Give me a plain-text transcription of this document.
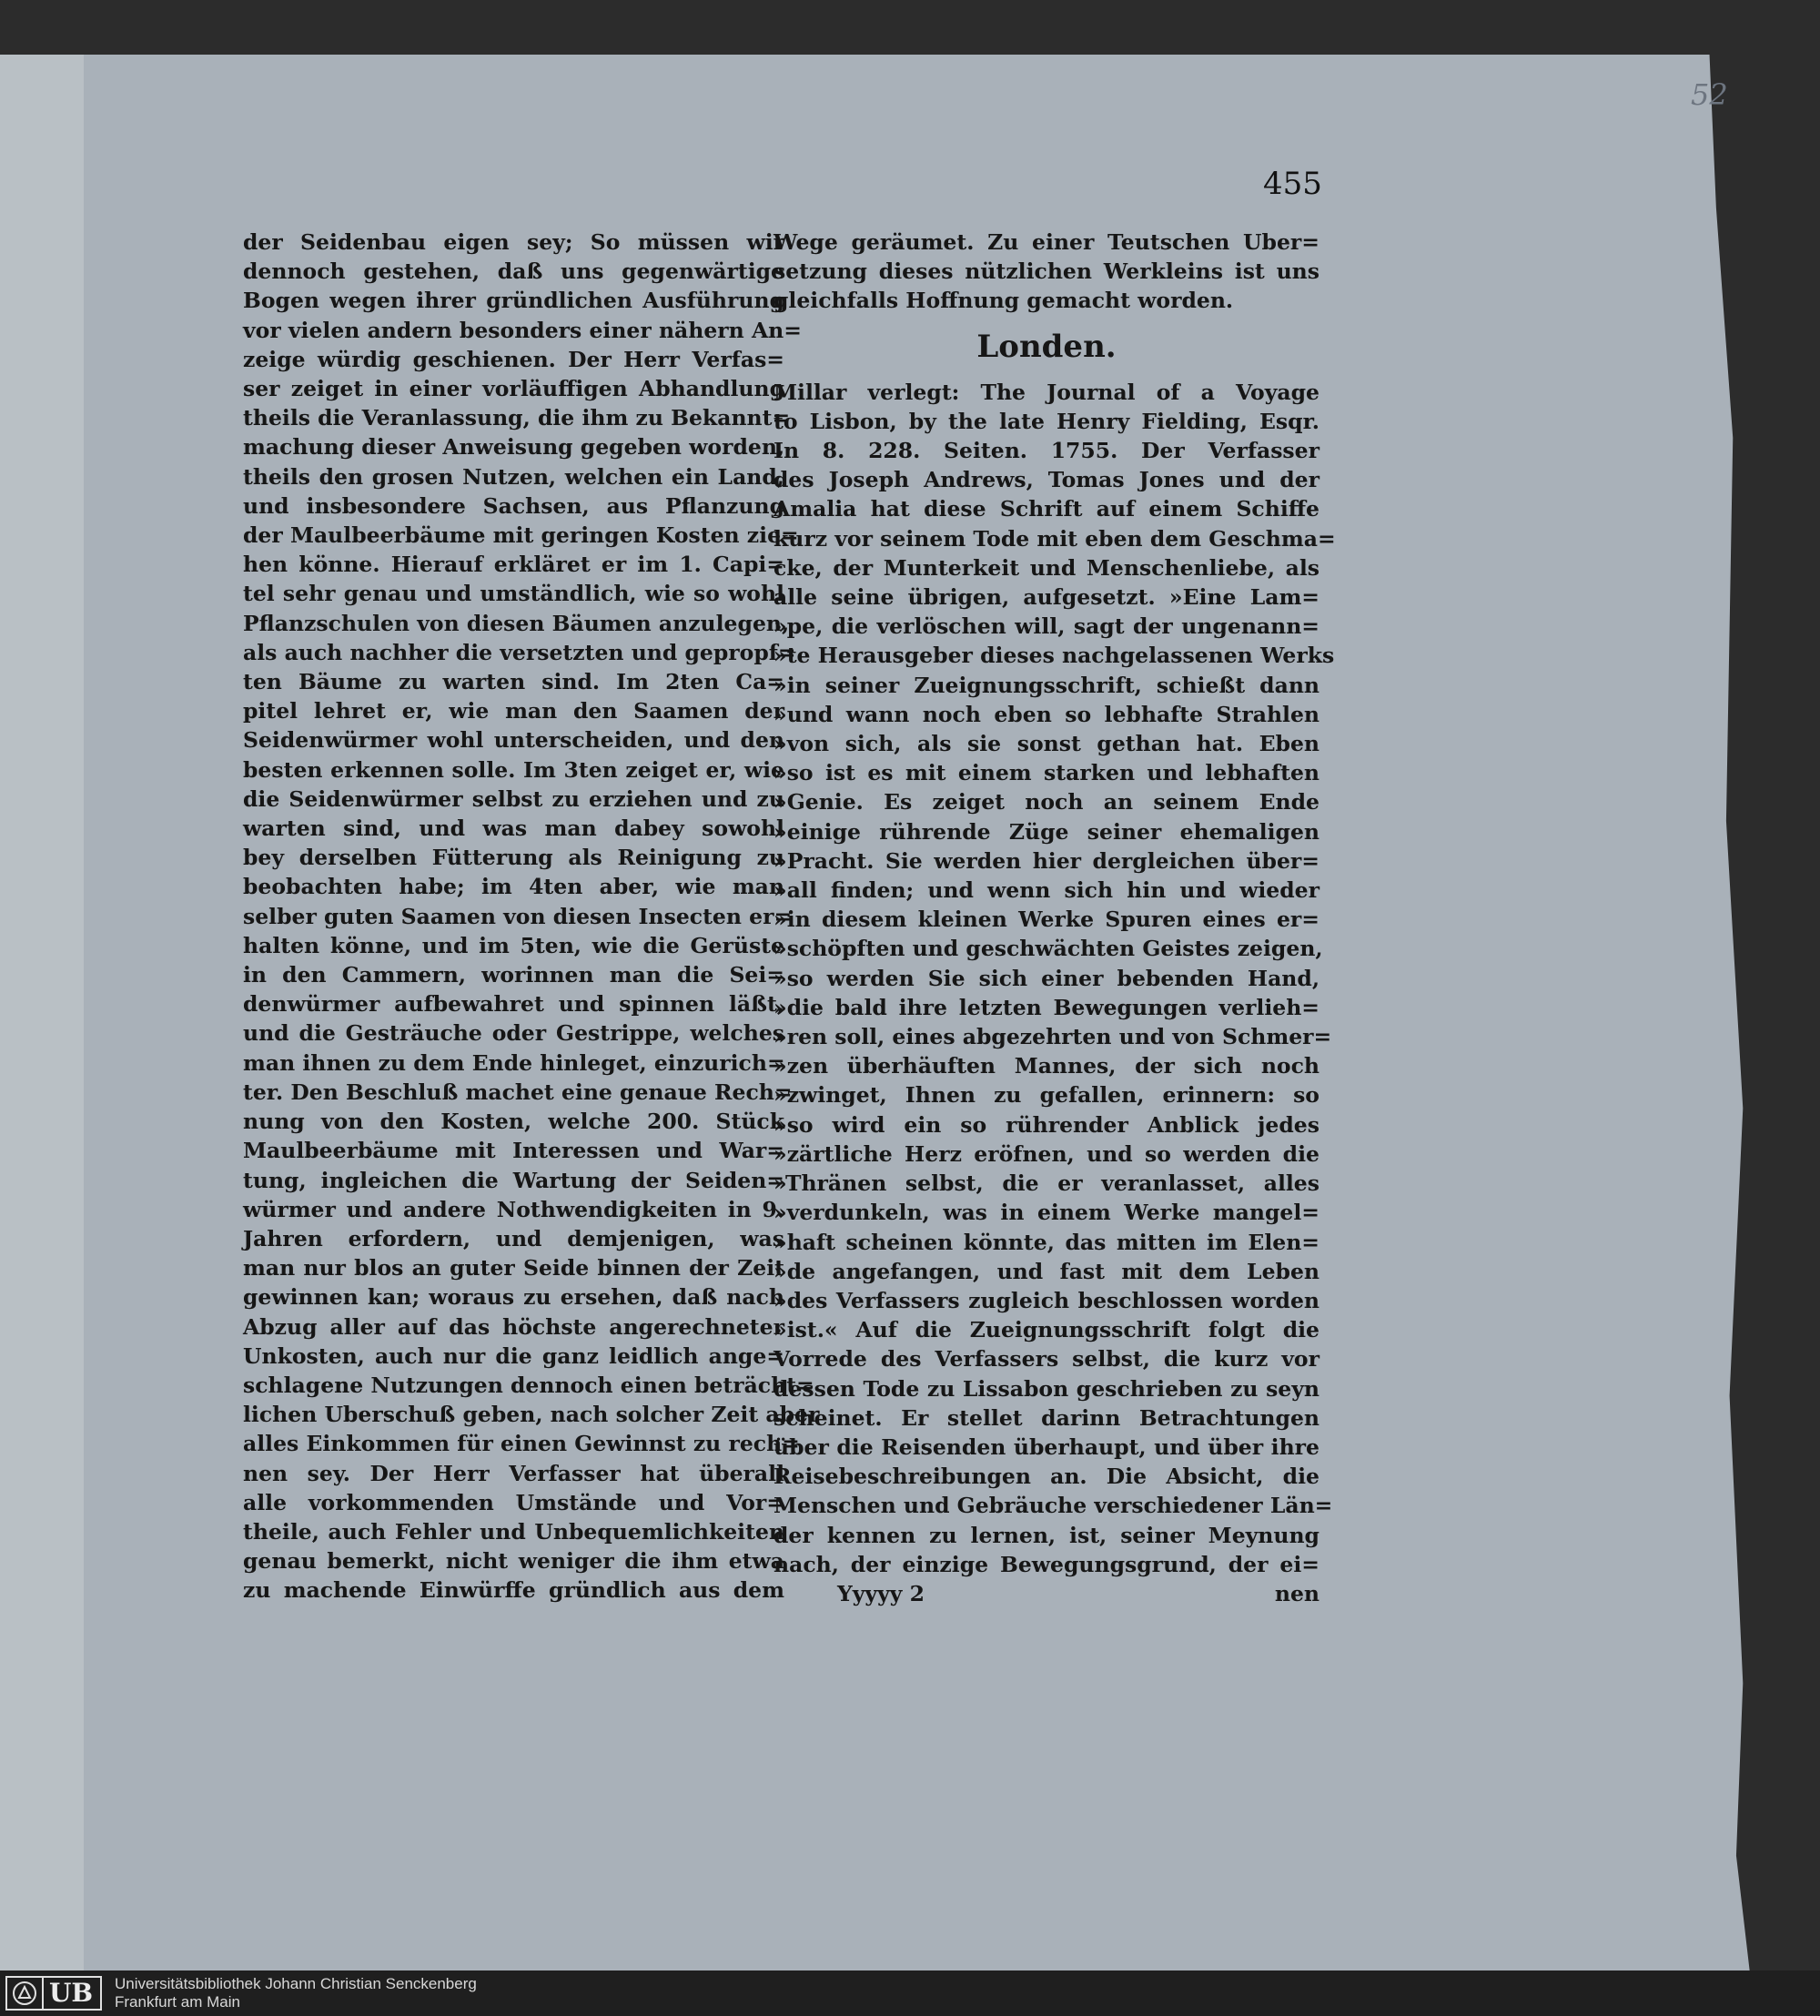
52
455
der Seidenbau eigen sey; So müssen wir
dennoch gestehen, daß uns gegenwärtige
Bogen wegen ihrer gründlichen Ausführung
vor vielen andern besonders einer nähern An=
zeige würdig geschienen. Der Herr Verfas=
ser zeiget in einer vorläuffigen Abhandlung
theils die Veranlassung, die ihm zu Bekannt=
machung dieser Anweisung gegeben worden,
theils den grosen Nutzen, welchen ein Land,
und insbesondere Sachsen, aus Pflanzung
der Maulbeerbäume mit geringen Kosten zie=
hen könne. Hierauf erkläret er im 1. Capi=
tel sehr genau und umständlich, wie so wohl
Pflanzschulen von diesen Bäumen anzulegen,
als auch nachher die versetzten und gepropf=
ten Bäume zu warten sind. Im 2ten Ca=
pitel lehret er, wie man den Saamen der
Seidenwürmer wohl unterscheiden, und den
besten erkennen solle. Im 3ten zeiget er, wie
die Seidenwürmer selbst zu erziehen und zu
warten sind, und was man dabey sowohl
bey derselben Fütterung als Reinigung zu
beobachten habe; im 4ten aber, wie man
selber guten Saamen von diesen Insecten er=
halten könne, und im 5ten, wie die Gerüste
in den Cammern, worinnen man die Sei=
denwürmer aufbewahret und spinnen läßt,
und die Gesträuche oder Gestrippe, welches
man ihnen zu dem Ende hinleget, einzurich=
ter. Den Beschluß machet eine genaue Rech=
nung von den Kosten, welche 200. Stück
Maulbeerbäume mit Interessen und War=
tung, ingleichen die Wartung der Seiden=
würmer und andere Nothwendigkeiten in 9.
Jahren erfordern, und demjenigen, was
man nur blos an guter Seide binnen der Zeit
gewinnen kan; woraus zu ersehen, daß nach
Abzug aller auf das höchste angerechneter
Unkosten, auch nur die ganz leidlich ange=
schlagene Nutzungen dennoch einen beträcht=
lichen Uberschuß geben, nach solcher Zeit aber
alles Einkommen für einen Gewinnst zu rech=
nen sey. Der Herr Verfasser hat überall
alle vorkommenden Umstände und Vor=
theile, auch Fehler und Unbequemlichkeiten
genau bemerkt, nicht weniger die ihm etwa
zu machende Einwürffe gründlich aus dem
Wege geräumet. Zu einer Teutschen Uber=
setzung dieses nützlichen Werkleins ist uns
gleichfalls Hoffnung gemacht worden.
Londen.
Millar verlegt: The Journal of a Voyage
to Lisbon, by the late Henry Fielding, Esqr.
In 8. 228. Seiten. 1755. Der Verfasser
des Joseph Andrews, Tomas Jones und der
Amalia hat diese Schrift auf einem Schiffe
kurz vor seinem Tode mit eben dem Geschma=
cke, der Munterkeit und Menschenliebe, als
alle seine übrigen, aufgesetzt. »Eine Lam=
»pe, die verlöschen will, sagt der ungenann=
»te Herausgeber dieses nachgelassenen Werks
»in seiner Zueignungsschrift, schießt dann
»und wann noch eben so lebhafte Strahlen
»von sich, als sie sonst gethan hat. Eben
»so ist es mit einem starken und lebhaften
»Genie. Es zeiget noch an seinem Ende
»einige rührende Züge seiner ehemaligen
»Pracht. Sie werden hier dergleichen über=
»all finden; und wenn sich hin und wieder
»in diesem kleinen Werke Spuren eines er=
»schöpften und geschwächten Geistes zeigen,
»so werden Sie sich einer bebenden Hand,
»die bald ihre letzten Bewegungen verlieh=
»ren soll, eines abgezehrten und von Schmer=
»zen überhäuften Mannes, der sich noch
»zwinget, Ihnen zu gefallen, erinnern: so
»so wird ein so rührender Anblick jedes
»zärtliche Herz eröfnen, und so werden die
»Thränen selbst, die er veranlasset, alles
»verdunkeln, was in einem Werke mangel=
»haft scheinen könnte, das mitten im Elen=
»de angefangen, und fast mit dem Leben
»des Verfassers zugleich beschlossen worden
»ist.« Auf die Zueignungsschrift folgt die
Vorrede des Verfassers selbst, die kurz vor
dessen Tode zu Lissabon geschrieben zu seyn
scheinet. Er stellet darinn Betrachtungen
über die Reisenden überhaupt, und über ihre
Reisebeschreibungen an. Die Absicht, die
Menschen und Gebräuche verschiedener Län=
der kennen zu lernen, ist, seiner Meynung
nach, der einzige Bewegungsgrund, der ei=
Yyyyy 2	nen
UB Universitätsbibliothek Johann Christian Senckenberg
Frankfurt am Main
